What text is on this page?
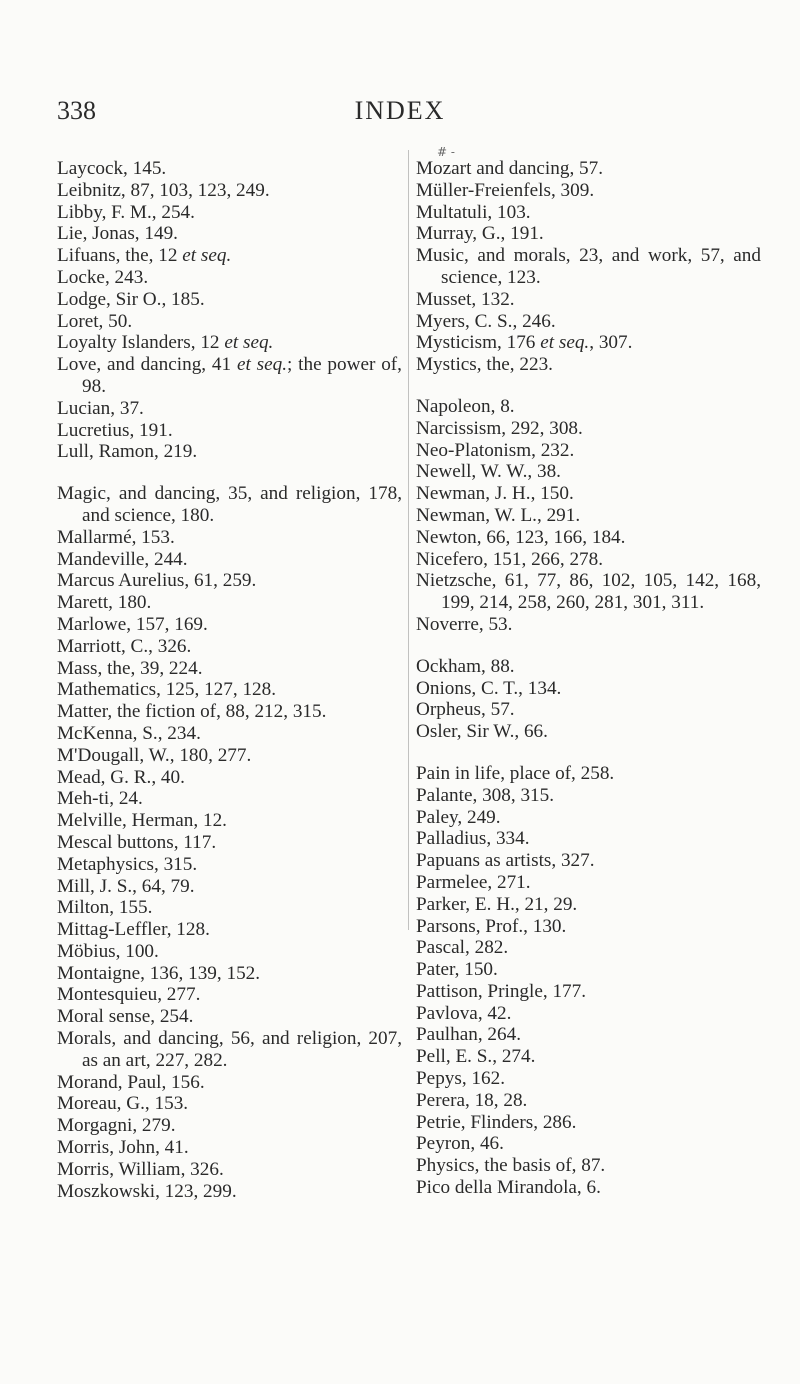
338	INDEX
# -

Laycock, 145.

Leibnitz, 87, 103, 123, 249.

Libby, F. M., 254.

Lie, Jonas, 149.

Lifuans, the, 12 et seq.

Locke, 243.

Lodge, Sir O., 185.

Loret, 50.

Loyalty Islanders, 12 et seq.

Love, and dancing, 41 et seq.; the power of, 98.

Lucian, 37.

Lucretius, 191.

Lull, Ramon, 219.

Magic, and dancing, 35, and religion, 178, and science, 180.

Mallarmé, 153.

Mandeville, 244.

Marcus Aurelius, 61, 259.

Marett, 180.

Marlowe, 157, 169.

Marriott, C., 326.

Mass, the, 39, 224.

Mathematics, 125, 127, 128.

Matter, the fiction of, 88, 212, 315.

McKenna, S., 234.

M'Dougall, W., 180, 277.

Mead, G. R., 40.

Meh-ti, 24.

Melville, Herman, 12.

Mescal buttons, 117.

Metaphysics, 315.

Mill, J. S., 64, 79.

Milton, 155.

Mittag-Leffler, 128.

Möbius, 100.

Montaigne, 136, 139, 152.

Montesquieu, 277.

Moral sense, 254.

Morals, and dancing, 56, and religion, 207, as an art, 227, 282.

Morand, Paul, 156.

Moreau, G., 153.

Morgagni, 279.

Morris, John, 41.

Morris, William, 326.

Moszkowski, 123, 299.

Mozart and dancing, 57.

Müller-Freienfels, 309.

Multatuli, 103.

Murray, G., 191.

Music, and morals, 23, and work, 57, and science, 123.

Musset, 132.

Myers, C. S., 246.

Mysticism, 176 et seq., 307.

Mystics, the, 223.

Napoleon, 8.

Narcissism, 292, 308.

Neo-Platonism, 232.

Newell, W. W., 38.

Newman, J. H., 150.

Newman, W. L., 291.

Newton, 66, 123, 166, 184.

Nicefero, 151, 266, 278.

Nietzsche, 61, 77, 86, 102, 105, 142, 168, 199, 214, 258, 260, 281, 301, 311.

Noverre, 53.

Ockham, 88.

Onions, C. T., 134.

Orpheus, 57.

Osler, Sir W., 66.

Pain in life, place of, 258.

Palante, 308, 315.

Paley, 249.

Palladius, 334.

Papuans as artists, 327.

Parmelee, 271.

Parker, E. H., 21, 29.

Parsons, Prof., 130.

Pascal, 282.

Pater, 150.

Pattison, Pringle, 177.

Pavlova, 42.

Paulhan, 264.

Pell, E. S., 274.

Pepys, 162.

Perera, 18, 28.

Petrie, Flinders, 286.

Peyron, 46.

Physics, the basis of, 87.

Pico della Mirandola, 6.
